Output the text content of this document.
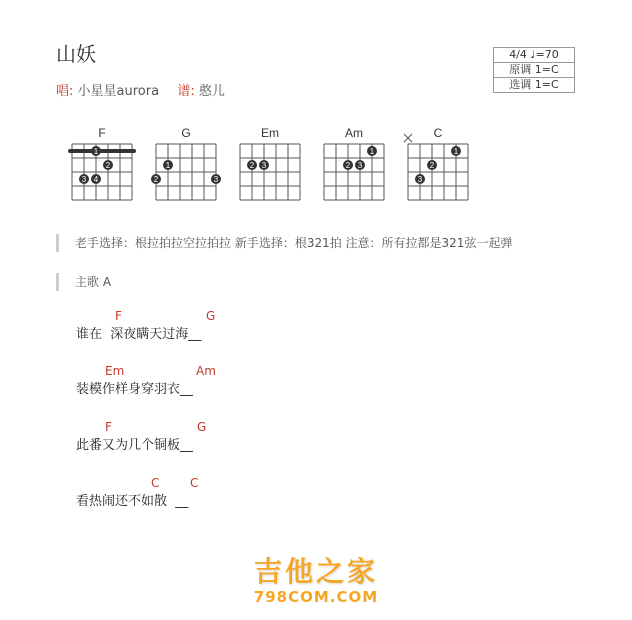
山妖
唱: 小星星aurora 谱: 憨儿
4/4 ♩=70
原调 1=C
选调 1=C
F
1
2
3 4
G
1
2	3
Em
2 3
Am
1
2 3
C
1
2
3
老手选择：根拉拍拉空拉拍拉 新手选择：根321拍 注意：所有拉都是321弦一起弹
主歌 A
F	G
谁在  深夜瞒天过海__
Em	Am
装模作样身穿羽衣__
F	G
此番又为几个铜板__
C	C
看热闹还不如散  __
吉他之家
798COM.COM
